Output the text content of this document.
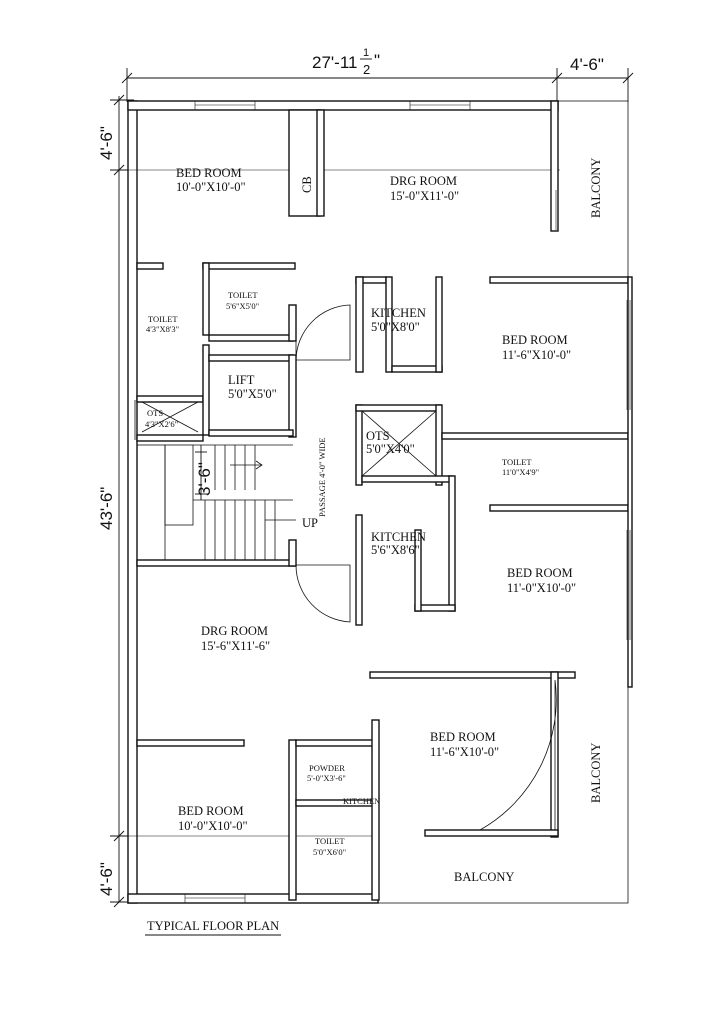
27'-11 1
2 "	4'-6"
4'-6"
43'-6"
4'-6"
3'-6"
BED ROOM
10'-0"X10'-0"	CB	DRG ROOM
15'-0"X11'-0"	BALCONY
TOILET
4'3"X8'3"
TOILET
5'6"X5'0"	KITCHEN
5'0"X8'0"
BED ROOM
11'-6"X10'-0"
LIFT
5'0"X5'0"
OTS
4'3"X2'6"
OTS
5'0"X4'0"
TOILET
11'0"X4'9"
PASSAGE 4'-0" WIDE
UP
KITCHEN
5'6"X8'6"
BED ROOM
11'-0"X10'-0"
DRG ROOM
15'-6"X11'-6"
BED ROOM
11'-6"X10'-0"
POWDER
5'-0"X3'-6"
KITCHEN
BED ROOM
10'-0"X10'-0"
TOILET
5'0"X6'0"
BALCONY
BALCONY
TYPICAL FLOOR PLAN
